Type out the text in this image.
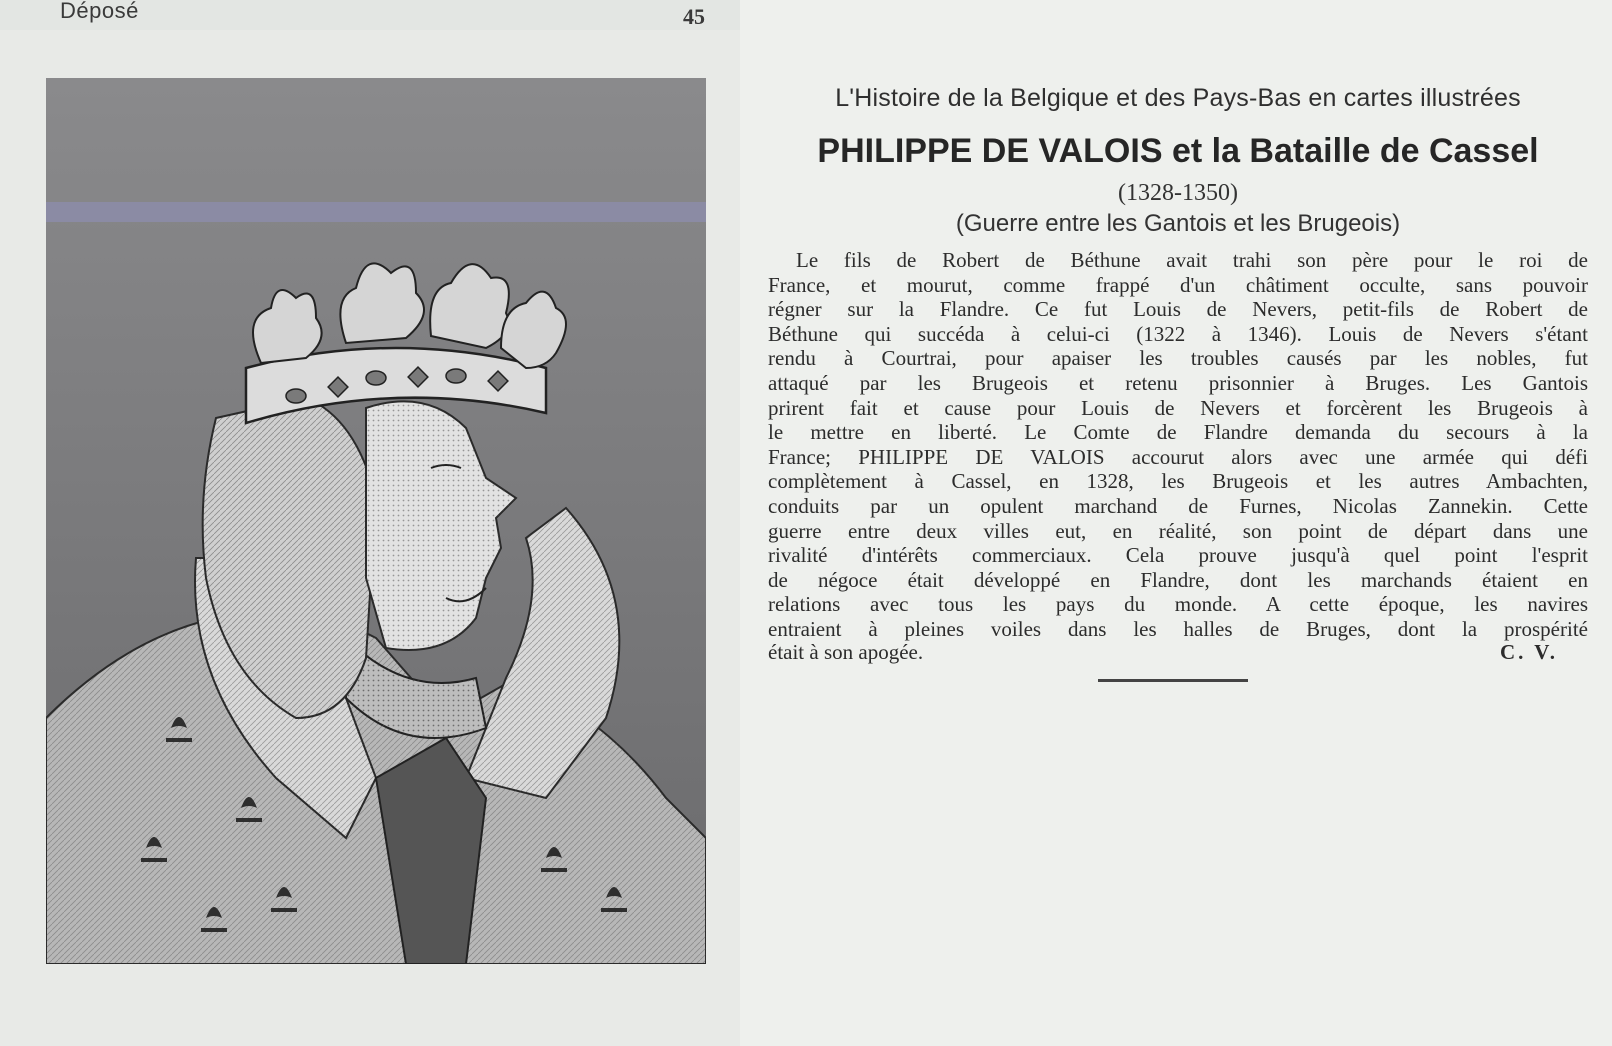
Déposé	45
L'Histoire de la Belgique et des Pays-Bas en cartes illustrées
PHILIPPE DE VALOIS et la Bataille de Cassel
(1328-1350)
(Guerre entre les Gantois et les Brugeois)
Le fils de Robert de Béthune avait trahi son père pour le roi de
France, et mourut, comme frappé d'un châtiment occulte, sans pouvoir
régner sur la Flandre. Ce fut Louis de Nevers, petit-fils de Robert de
Béthune qui succéda à celui-ci (1322 à 1346). Louis de Nevers s'étant
rendu à Courtrai, pour apaiser les troubles causés par les nobles, fut
attaqué par les Brugeois et retenu prisonnier à Bruges. Les Gantois
prirent fait et cause pour Louis de Nevers et forcèrent les Brugeois à
le mettre en liberté. Le Comte de Flandre demanda du secours à la
France; PHILIPPE DE VALOIS accourut alors avec une armée qui défi
complètement à Cassel, en 1328, les Brugeois et les autres Ambachten,
conduits par un opulent marchand de Furnes, Nicolas Zannekin. Cette
guerre entre deux villes eut, en réalité, son point de départ dans une
rivalité d'intérêts commerciaux. Cela prouve jusqu'à quel point l'esprit
de négoce était développé en Flandre, dont les marchands étaient en
relations avec tous les pays du monde. A cette époque, les navires
entraient à pleines voiles dans les halles de Bruges, dont la prospérité
était à son apogée.	C. V.
